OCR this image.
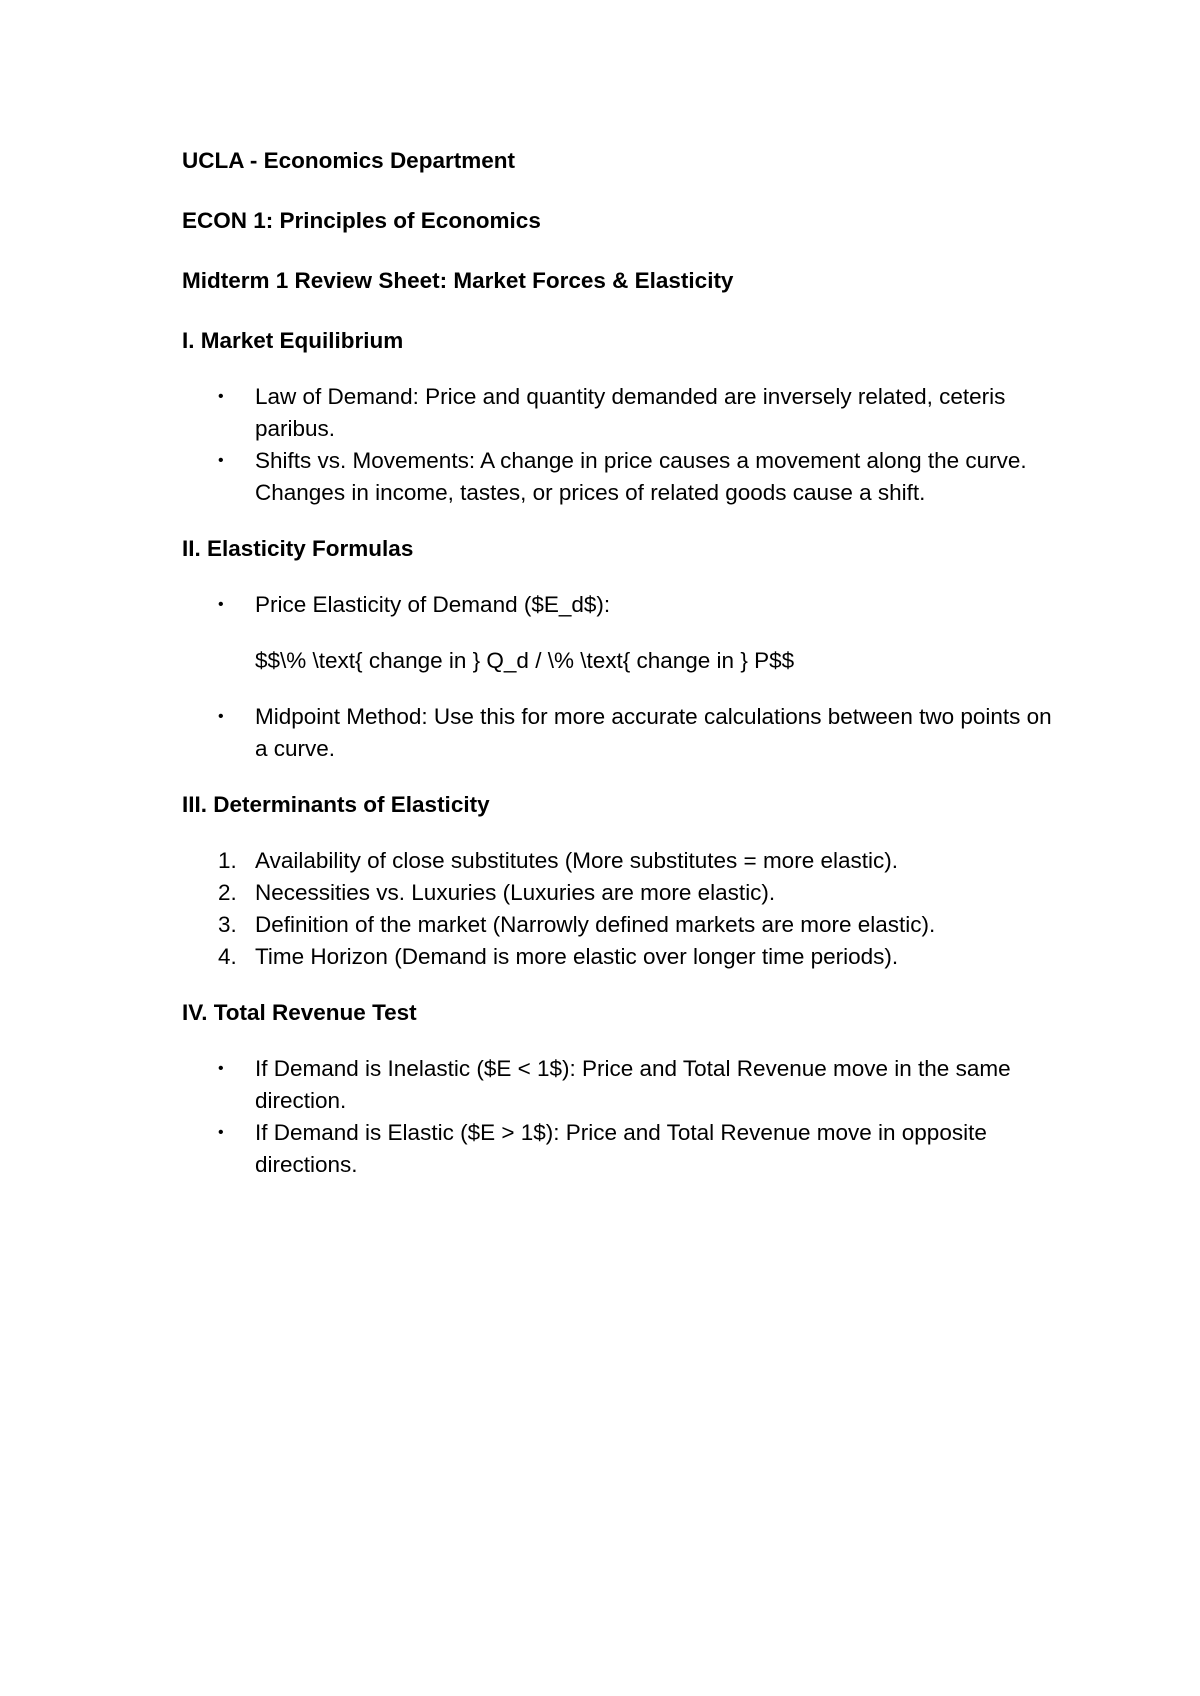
UCLA - Economics Department

ECON 1: Principles of Economics

Midterm 1 Review Sheet: Market Forces & Elasticity

I. Market Equilibrium

• Law of Demand: Price and quantity demanded are inversely related, ceteris paribus.
• Shifts vs. Movements: A change in price causes a movement along the curve. Changes in income, tastes, or prices of related goods cause a shift.

II. Elasticity Formulas

• Price Elasticity of Demand ($E_d$):

$$\% \text{ change in } Q_d / \% \text{ change in } P$$

• Midpoint Method: Use this for more accurate calculations between two points on a curve.

III. Determinants of Elasticity

1. Availability of close substitutes (More substitutes = more elastic).
2. Necessities vs. Luxuries (Luxuries are more elastic).
3. Definition of the market (Narrowly defined markets are more elastic).
4. Time Horizon (Demand is more elastic over longer time periods).

IV. Total Revenue Test

• If Demand is Inelastic ($E < 1$): Price and Total Revenue move in the same direction.
• If Demand is Elastic ($E > 1$): Price and Total Revenue move in opposite directions.
